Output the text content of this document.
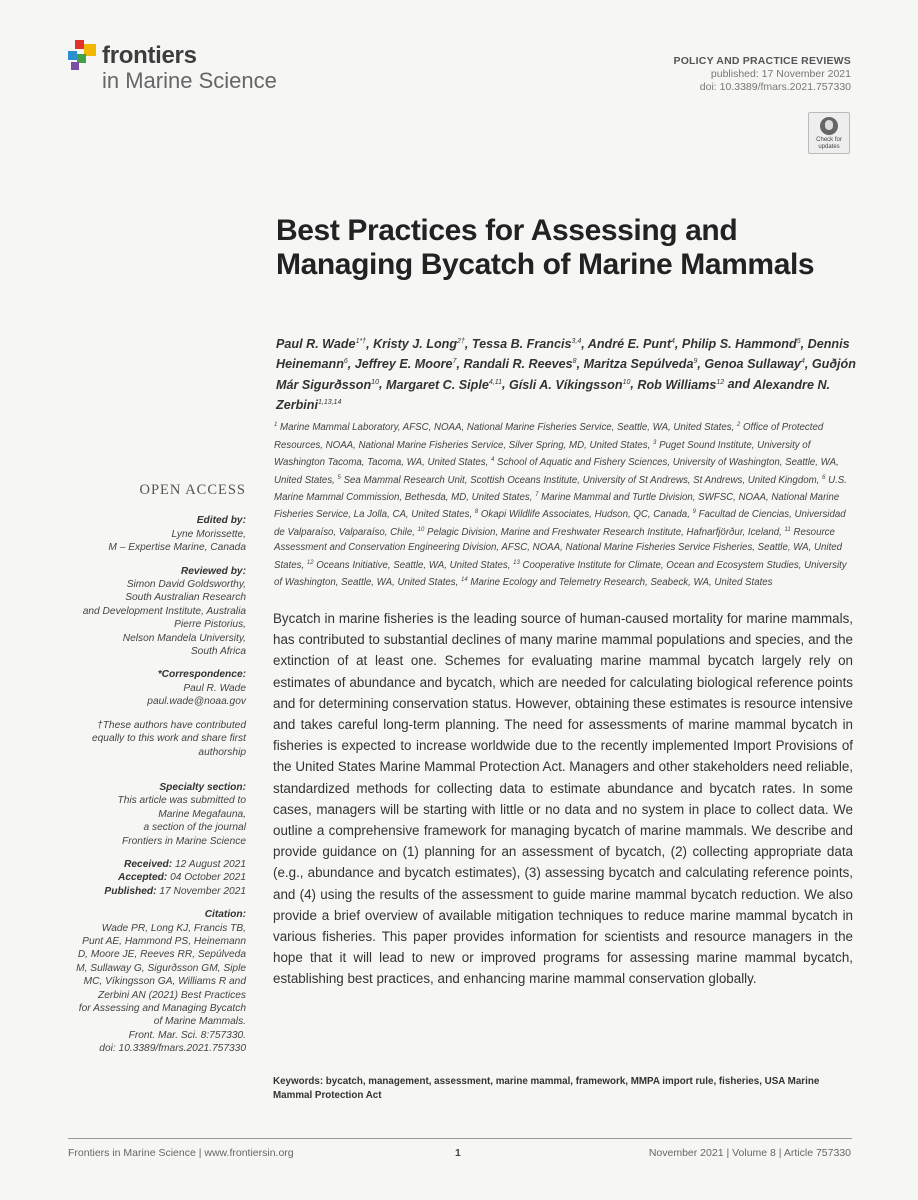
frontiers
in Marine Science
POLICY AND PRACTICE REVIEWS
published: 17 November 2021
doi: 10.3389/fmars.2021.757330
Check for updates
Best Practices for Assessing and Managing Bycatch of Marine Mammals
Paul R. Wade$^{1*\dagger}$, Kristy J. Long$^{2\dagger}$, Tessa B. Francis$^{3,4}$, André E. Punt$^4$, Philip S. Hammond$^5$, Dennis Heinemann$^6$, Jeffrey E. Moore$^7$, Randali R. Reeves$^8$, Maritza Sepúlveda$^9$, Genoa Sullaway$^4$, Guðjón Már Sigurðsson$^{10}$, Margaret C. Siple$^{4,11}$, Gísli A. Víkingsson$^{10}$, Rob Williams$^{12}$ and Alexandre N. Zerbini$^{1,13,14}$
$^1$ Marine Mammal Laboratory, AFSC, NOAA, National Marine Fisheries Service, Seattle, WA, United States, $^2$ Office of Protected Resources, NOAA, National Marine Fisheries Service, Silver Spring, MD, United States, $^3$ Puget Sound Institute, University of Washington Tacoma, Tacoma, WA, United States, $^4$ School of Aquatic and Fishery Sciences, University of Washington, Seattle, WA, United States, $^5$ Sea Mammal Research Unit, Scottish Oceans Institute, University of St Andrews, St Andrews, United Kingdom, $^6$ U.S. Marine Mammal Commission, Bethesda, MD, United States, $^7$ Marine Mammal and Turtle Division, SWFSC, NOAA, National Marine Fisheries Service, La Jolla, CA, United States, $^8$ Okapi Wildlife Associates, Hudson, QC, Canada, $^9$ Facultad de Ciencias, Universidad de Valparaíso, Valparaíso, Chile, $^{10}$ Pelagic Division, Marine and Freshwater Research Institute, Hafnarfjörður, Iceland, $^{11}$ Resource Assessment and Conservation Engineering Division, AFSC, NOAA, National Marine Fisheries Service Fisheries, Seattle, WA, United States, $^{12}$ Oceans Initiative, Seattle, WA, United States, $^{13}$ Cooperative Institute for Climate, Ocean and Ecosystem Studies, University of Washington, Seattle, WA, United States, $^{14}$ Marine Ecology and Telemetry Research, Seabeck, WA, United States
OPEN ACCESS
Edited by:
Lyne Morissette,
M – Expertise Marine, Canada
Reviewed by:
Simon David Goldsworthy,
South Australian Research
and Development Institute, Australia
Pierre Pistorius,
Nelson Mandela University,
South Africa
*Correspondence:
Paul R. Wade
paul.wade@noaa.gov
†These authors have contributed
equally to this work and share first
authorship
Specialty section:
This article was submitted to
Marine Megafauna,
a section of the journal
Frontiers in Marine Science
Received: 12 August 2021
Accepted: 04 October 2021
Published: 17 November 2021
Citation:
Wade PR, Long KJ, Francis TB,
Punt AE, Hammond PS, Heinemann
D, Moore JE, Reeves RR, Sepúlveda
M, Sullaway G, Sigurðsson GM, Siple
MC, Víkingsson GA, Williams R and
Zerbini AN (2021) Best Practices
for Assessing and Managing Bycatch
of Marine Mammals.
Front. Mar. Sci. 8:757330.
doi: 10.3389/fmars.2021.757330

Bycatch in marine fisheries is the leading source of human-caused mortality for marine mammals, has contributed to substantial declines of many marine mammal populations and species, and the extinction of at least one. Schemes for evaluating marine mammal bycatch largely rely on estimates of abundance and bycatch, which are needed for calculating biological reference points and for determining conservation status. However, obtaining these estimates is resource intensive and takes careful long-term planning. The need for assessments of marine mammal bycatch in fisheries is expected to increase worldwide due to the recently implemented Import Provisions of the United States Marine Mammal Protection Act. Managers and other stakeholders need reliable, standardized methods for collecting data to estimate abundance and bycatch rates. In some cases, managers will be starting with little or no data and no system in place to collect data. We outline a comprehensive framework for managing bycatch of marine mammals. We describe and provide guidance on (1) planning for an assessment of bycatch, (2) collecting appropriate data (e.g., abundance and bycatch estimates), (3) assessing bycatch and calculating reference points, and (4) using the results of the assessment to guide marine mammal bycatch reduction. We also provide a brief overview of available mitigation techniques to reduce marine mammal bycatch in various fisheries. This paper provides information for scientists and resource managers in the hope that it will lead to new or improved programs for assessing marine mammal bycatch, establishing best practices, and enhancing marine mammal conservation globally.

Keywords: bycatch, management, assessment, marine mammal, framework, MMPA import rule, fisheries, USA Marine Mammal Protection Act

Frontiers in Marine Science | www.frontiersin.org	1	November 2021 | Volume 8 | Article 757330
